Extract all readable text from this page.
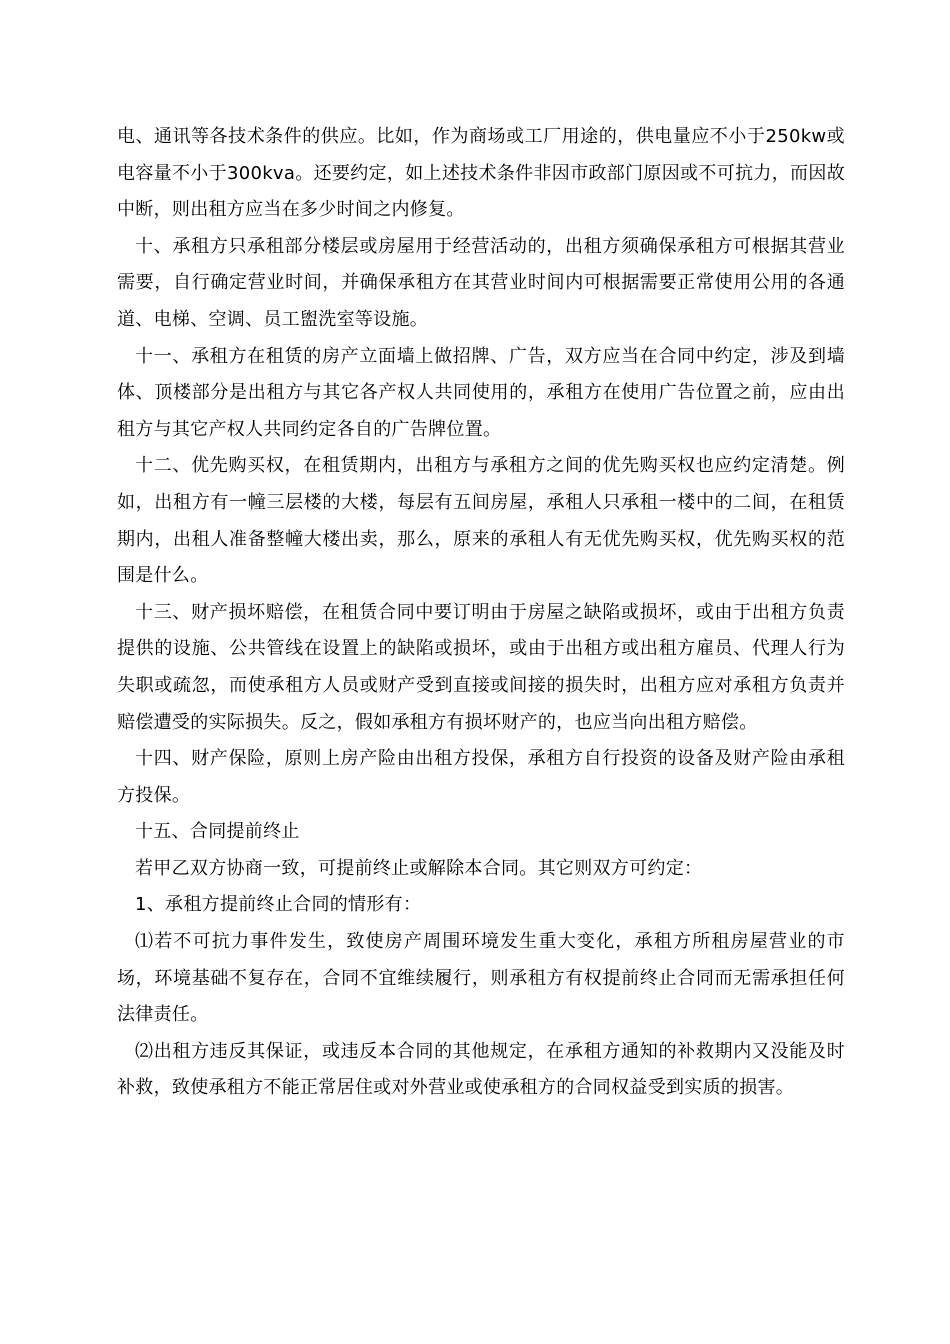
电、通讯等各技术条件的供应。比如，作为商场或工厂用途的，供电量应不小于250kw或电容量不小于300kva。还要约定，如上述技术条件非因市政部门原因或不可抗力，而因故中断，则出租方应当在多少时间之内修复。

十、承租方只承租部分楼层或房屋用于经营活动的，出租方须确保承租方可根据其营业需要，自行确定营业时间，并确保承租方在其营业时间内可根据需要正常使用公用的各通道、电梯、空调、员工盥洗室等设施。

十一、承租方在租赁的房产立面墙上做招牌、广告，双方应当在合同中约定，涉及到墙体、顶楼部分是出租方与其它各产权人共同使用的，承租方在使用广告位置之前，应由出租方与其它产权人共同约定各自的广告牌位置。

十二、优先购买权，在租赁期内，出租方与承租方之间的优先购买权也应约定清楚。例如，出租方有一幢三层楼的大楼，每层有五间房屋，承租人只承租一楼中的二间，在租赁期内，出租人准备整幢大楼出卖，那么，原来的承租人有无优先购买权，优先购买权的范围是什么。

十三、财产损坏赔偿，在租赁合同中要订明由于房屋之缺陷或损坏，或由于出租方负责提供的设施、公共管线在设置上的缺陷或损坏，或由于出租方或出租方雇员、代理人行为失职或疏忽，而使承租方人员或财产受到直接或间接的损失时，出租方应对承租方负责并赔偿遭受的实际损失。反之，假如承租方有损坏财产的，也应当向出租方赔偿。

十四、财产保险，原则上房产险由出租方投保，承租方自行投资的设备及财产险由承租方投保。

十五、合同提前终止

若甲乙双方协商一致，可提前终止或解除本合同。其它则双方可约定：

1、承租方提前终止合同的情形有：

⑴若不可抗力事件发生，致使房产周围环境发生重大变化，承租方所租房屋营业的市场，环境基础不复存在，合同不宜维续履行，则承租方有权提前终止合同而无需承担任何法律责任。

⑵出租方违反其保证，或违反本合同的其他规定，在承租方通知的补救期内又没能及时补救，致使承租方不能正常居住或对外营业或使承租方的合同权益受到实质的损害。
